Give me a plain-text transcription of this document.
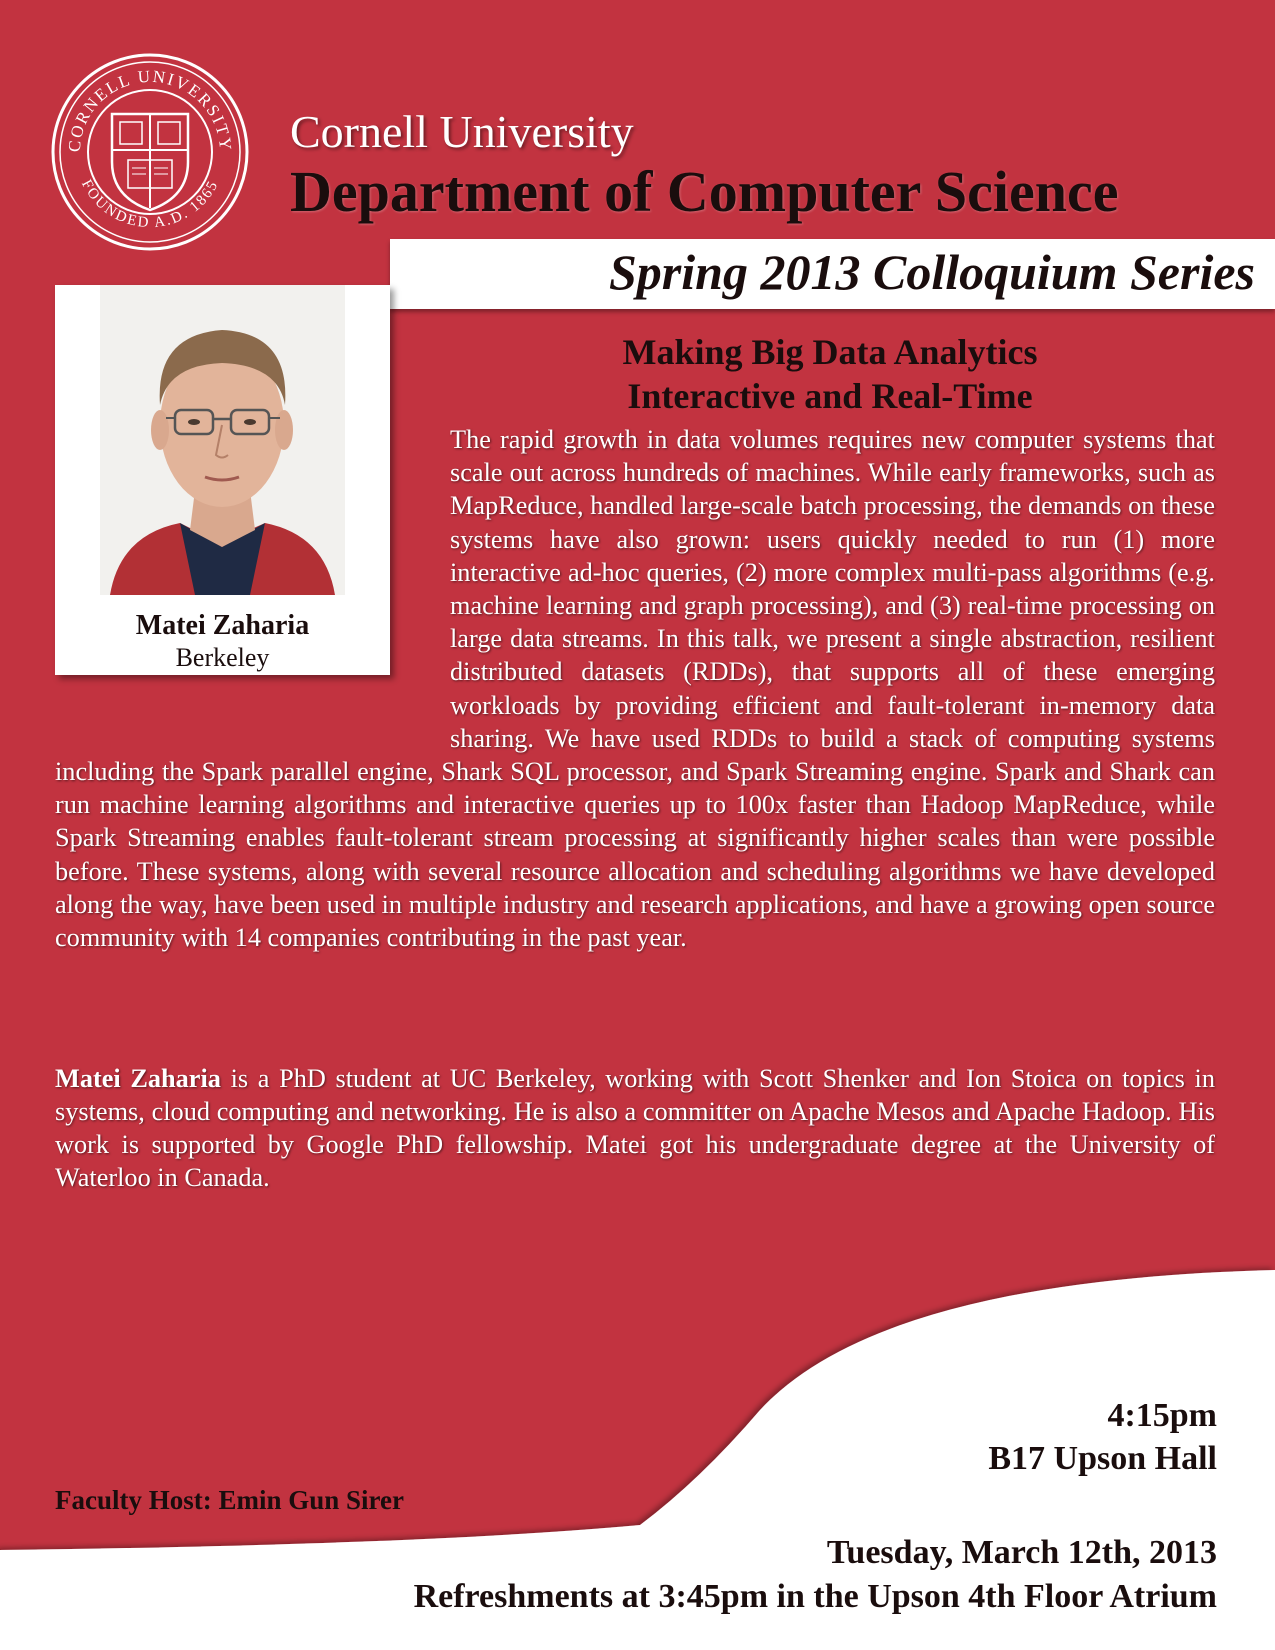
CORNELL UNIVERSITY
FOUNDED A.D. 1865
Cornell University
Department of Computer Science
Spring 2013 Colloquium Series
Matei Zaharia
Berkeley
Making Big Data Analytics
Interactive and Real-Time
The rapid growth in data volumes requires new computer systems that scale out across hundreds of machines. While early frameworks, such as MapReduce, handled large-scale batch processing, the demands on these systems have also grown: users quickly needed to run (1) more interactive ad-hoc queries, (2) more complex multi-pass algorithms (e.g. machine learning and graph processing), and (3) real-time processing on large data streams. In this talk, we present a single abstraction, resilient distributed datasets (RDDs), that supports all of these emerging workloads by providing efficient and fault-tolerant in-memory data sharing. We have used RDDs to build a stack of computing systems including the Spark parallel engine, Shark SQL processor, and Spark Streaming engine. Spark and Shark can run machine learning algorithms and interactive queries up to 100x faster than Hadoop MapReduce, while Spark Streaming enables fault-tolerant stream processing at significantly higher scales than were possible before. These systems, along with several resource allocation and scheduling algorithms we have developed along the way, have been used in multiple industry and research applications, and have a growing open source community with 14 companies contributing in the past year.
Matei Zaharia is a PhD student at UC Berkeley, working with Scott Shenker and Ion Stoica on topics in systems, cloud computing and networking. He is also a committer on Apache Mesos and Apache Hadoop. His work is supported by Google PhD fellowship. Matei got his undergraduate degree at the University of Waterloo in Canada.
4:15pm
B17 Upson Hall
Faculty Host: Emin Gun Sirer
Tuesday, March 12th, 2013
Refreshments at 3:45pm in the Upson 4th Floor Atrium
